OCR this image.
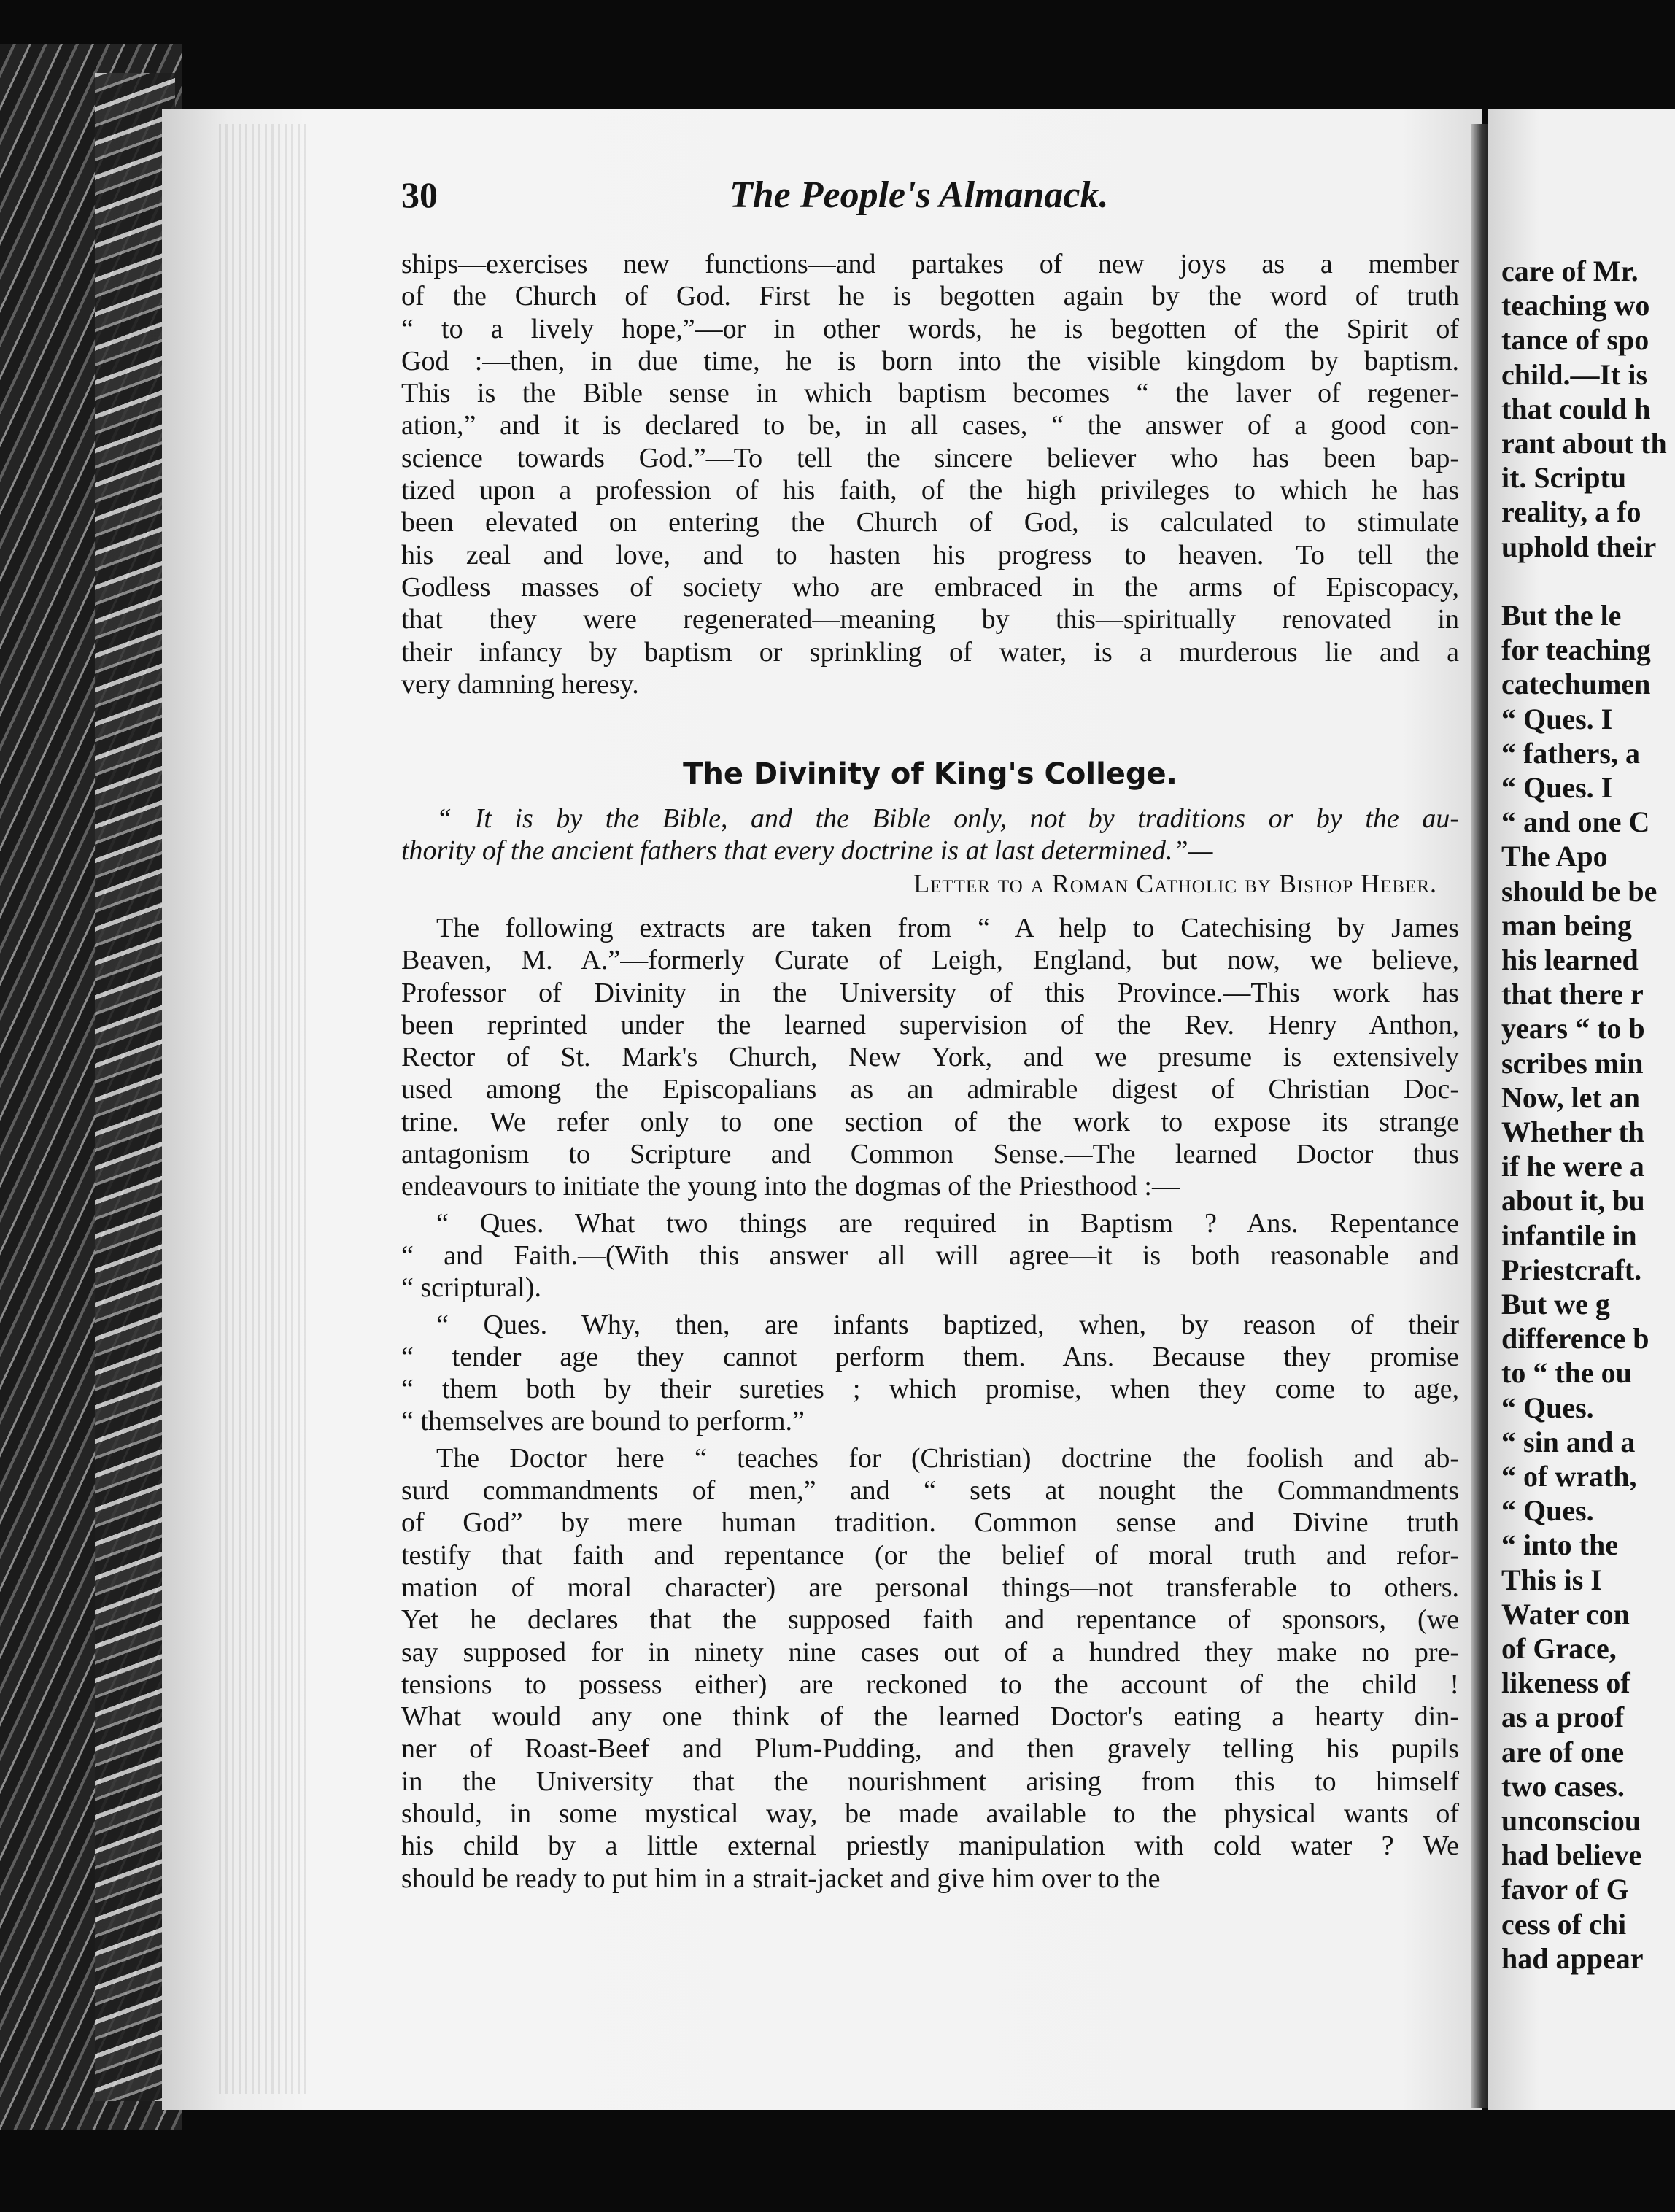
care of Mr.
teaching wo
tance of spo
child.—It is
that could h
rant about th
it. Scriptu
reality, a fo
uphold their
But the le
for teaching
catechumen
“ Ques. I
“ fathers, a
“ Ques. I
“ and one C
The Apo
should be be
man being
his learned
that there r
years “ to b
scribes min
Now, let an
Whether th
if he were a
about it, bu
infantile in
Priestcraft.
But we g
difference b
to “ the ou
“ Ques.
“ sin and a
“ of wrath,
“ Ques.
“ into the
This is I
Water con
of Grace,
likeness of
as a proof
are of one
two cases.
unconsciou
had believe
favor of G
cess of chi
had appear
30	The People's Almanack.
ships—exercises new functions—and partakes of new joys as a member
of the Church of God. First he is begotten again by the word of truth
“ to a lively hope,”—or in other words, he is begotten of the Spirit of
God :—then, in due time, he is born into the visible kingdom by baptism.
This is the Bible sense in which baptism becomes “ the laver of regener-
ation,” and it is declared to be, in all cases, “ the answer of a good con-
science towards God.”—To tell the sincere believer who has been bap-
tized upon a profession of his faith, of the high privileges to which he has
been elevated on entering the Church of God, is calculated to stimulate
his zeal and love, and to hasten his progress to heaven. To tell the
Godless masses of society who are embraced in the arms of Episcopacy,
that they were regenerated—meaning by this—spiritually renovated in
their infancy by baptism or sprinkling of water, is a murderous lie and a
very damning heresy.
The Divinity of King's College.
“ It is by the Bible, and the Bible only, not by traditions or by the au-
thority of the ancient fathers that every doctrine is at last determined.”—
Letter to a Roman Catholic by Bishop Heber.
The following extracts are taken from “ A help to Catechising by James
Beaven, M. A.”—formerly Curate of Leigh, England, but now, we believe,
Professor of Divinity in the University of this Province.—This work has
been reprinted under the learned supervision of the Rev. Henry Anthon,
Rector of St. Mark's Church, New York, and we presume is extensively
used among the Episcopalians as an admirable digest of Christian Doc-
trine. We refer only to one section of the work to expose its strange
antagonism to Scripture and Common Sense.—The learned Doctor thus
endeavours to initiate the young into the dogmas of the Priesthood :—
“ Ques. What two things are required in Baptism ? Ans. Repentance
“ and Faith.—(With this answer all will agree—it is both reasonable and
“ scriptural).
“ Ques. Why, then, are infants baptized, when, by reason of their
“ tender age they cannot perform them. Ans. Because they promise
“ them both by their sureties ; which promise, when they come to age,
“ themselves are bound to perform.”
The Doctor here “ teaches for (Christian) doctrine the foolish and ab-
surd commandments of men,” and “ sets at nought the Commandments
of God” by mere human tradition. Common sense and Divine truth
testify that faith and repentance (or the belief of moral truth and refor-
mation of moral character) are personal things—not transferable to others.
Yet he declares that the supposed faith and repentance of sponsors, (we
say supposed for in ninety nine cases out of a hundred they make no pre-
tensions to possess either) are reckoned to the account of the child !
What would any one think of the learned Doctor's eating a hearty din-
ner of Roast-Beef and Plum-Pudding, and then gravely telling his pupils
in the University that the nourishment arising from this to himself
should, in some mystical way, be made available to the physical wants of
his child by a little external priestly manipulation with cold water ? We
should be ready to put him in a strait-jacket and give him over to the
